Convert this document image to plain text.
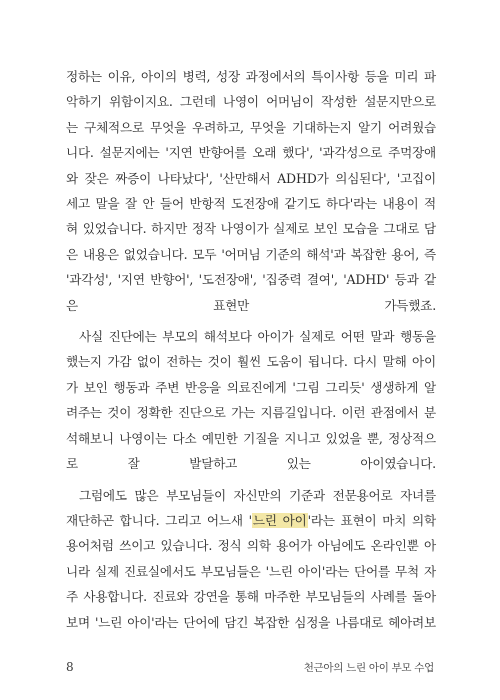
정하는 이유, 아이의 병력, 성장 과정에서의 특이사항 등을 미리 파
악하기 위함이지요. 그런데 나영이 어머님이 작성한 설문지만으로
는 구체적으로 무엇을 우려하고, 무엇을 기대하는지 알기 어려웠습
니다. 설문지에는 '지연 반향어를 오래 했다', '과각성으로 주먹장애
와 잦은 짜증이 나타났다', '산만해서 ADHD가 의심된다', '고집이
세고 말을 잘 안 들어 반항적 도전장애 같기도 하다'라는 내용이 적
혀 있었습니다. 하지만 정작 나영이가 실제로 보인 모습을 그대로 담
은 내용은 없었습니다. 모두 '어머님 기준의 해석'과 복잡한 용어, 즉
'과각성', '지연 반향어', '도전장애', '집중력 결여', 'ADHD' 등과 같
은 표현만 가득했죠.
사실 진단에는 부모의 해석보다 아이가 실제로 어떤 말과 행동을
했는지 가감 없이 전하는 것이 훨씬 도움이 됩니다. 다시 말해 아이
가 보인 행동과 주변 반응을 의료진에게 '그림 그리듯' 생생하게 알
려주는 것이 정확한 진단으로 가는 지름길입니다. 이런 관점에서 분
석해보니 나영이는 다소 예민한 기질을 지니고 있었을 뿐, 정상적으
로 잘 발달하고 있는 아이였습니다.
그럼에도 많은 부모님들이 자신만의 기준과 전문용어로 자녀를
재단하곤 합니다. 그리고 어느새 '느린 아이'라는 표현이 마치 의학
용어처럼 쓰이고 있습니다. 정식 의학 용어가 아님에도 온라인뿐 아
니라 실제 진료실에서도 부모님들은 '느린 아이'라는 단어를 무척 자
주 사용합니다. 진료와 강연을 통해 마주한 부모님들의 사례를 돌아
보며 '느린 아이'라는 단어에 담긴 복잡한 심정을 나름대로 헤아려보
8	천근아의 느린 아이 부모 수업
